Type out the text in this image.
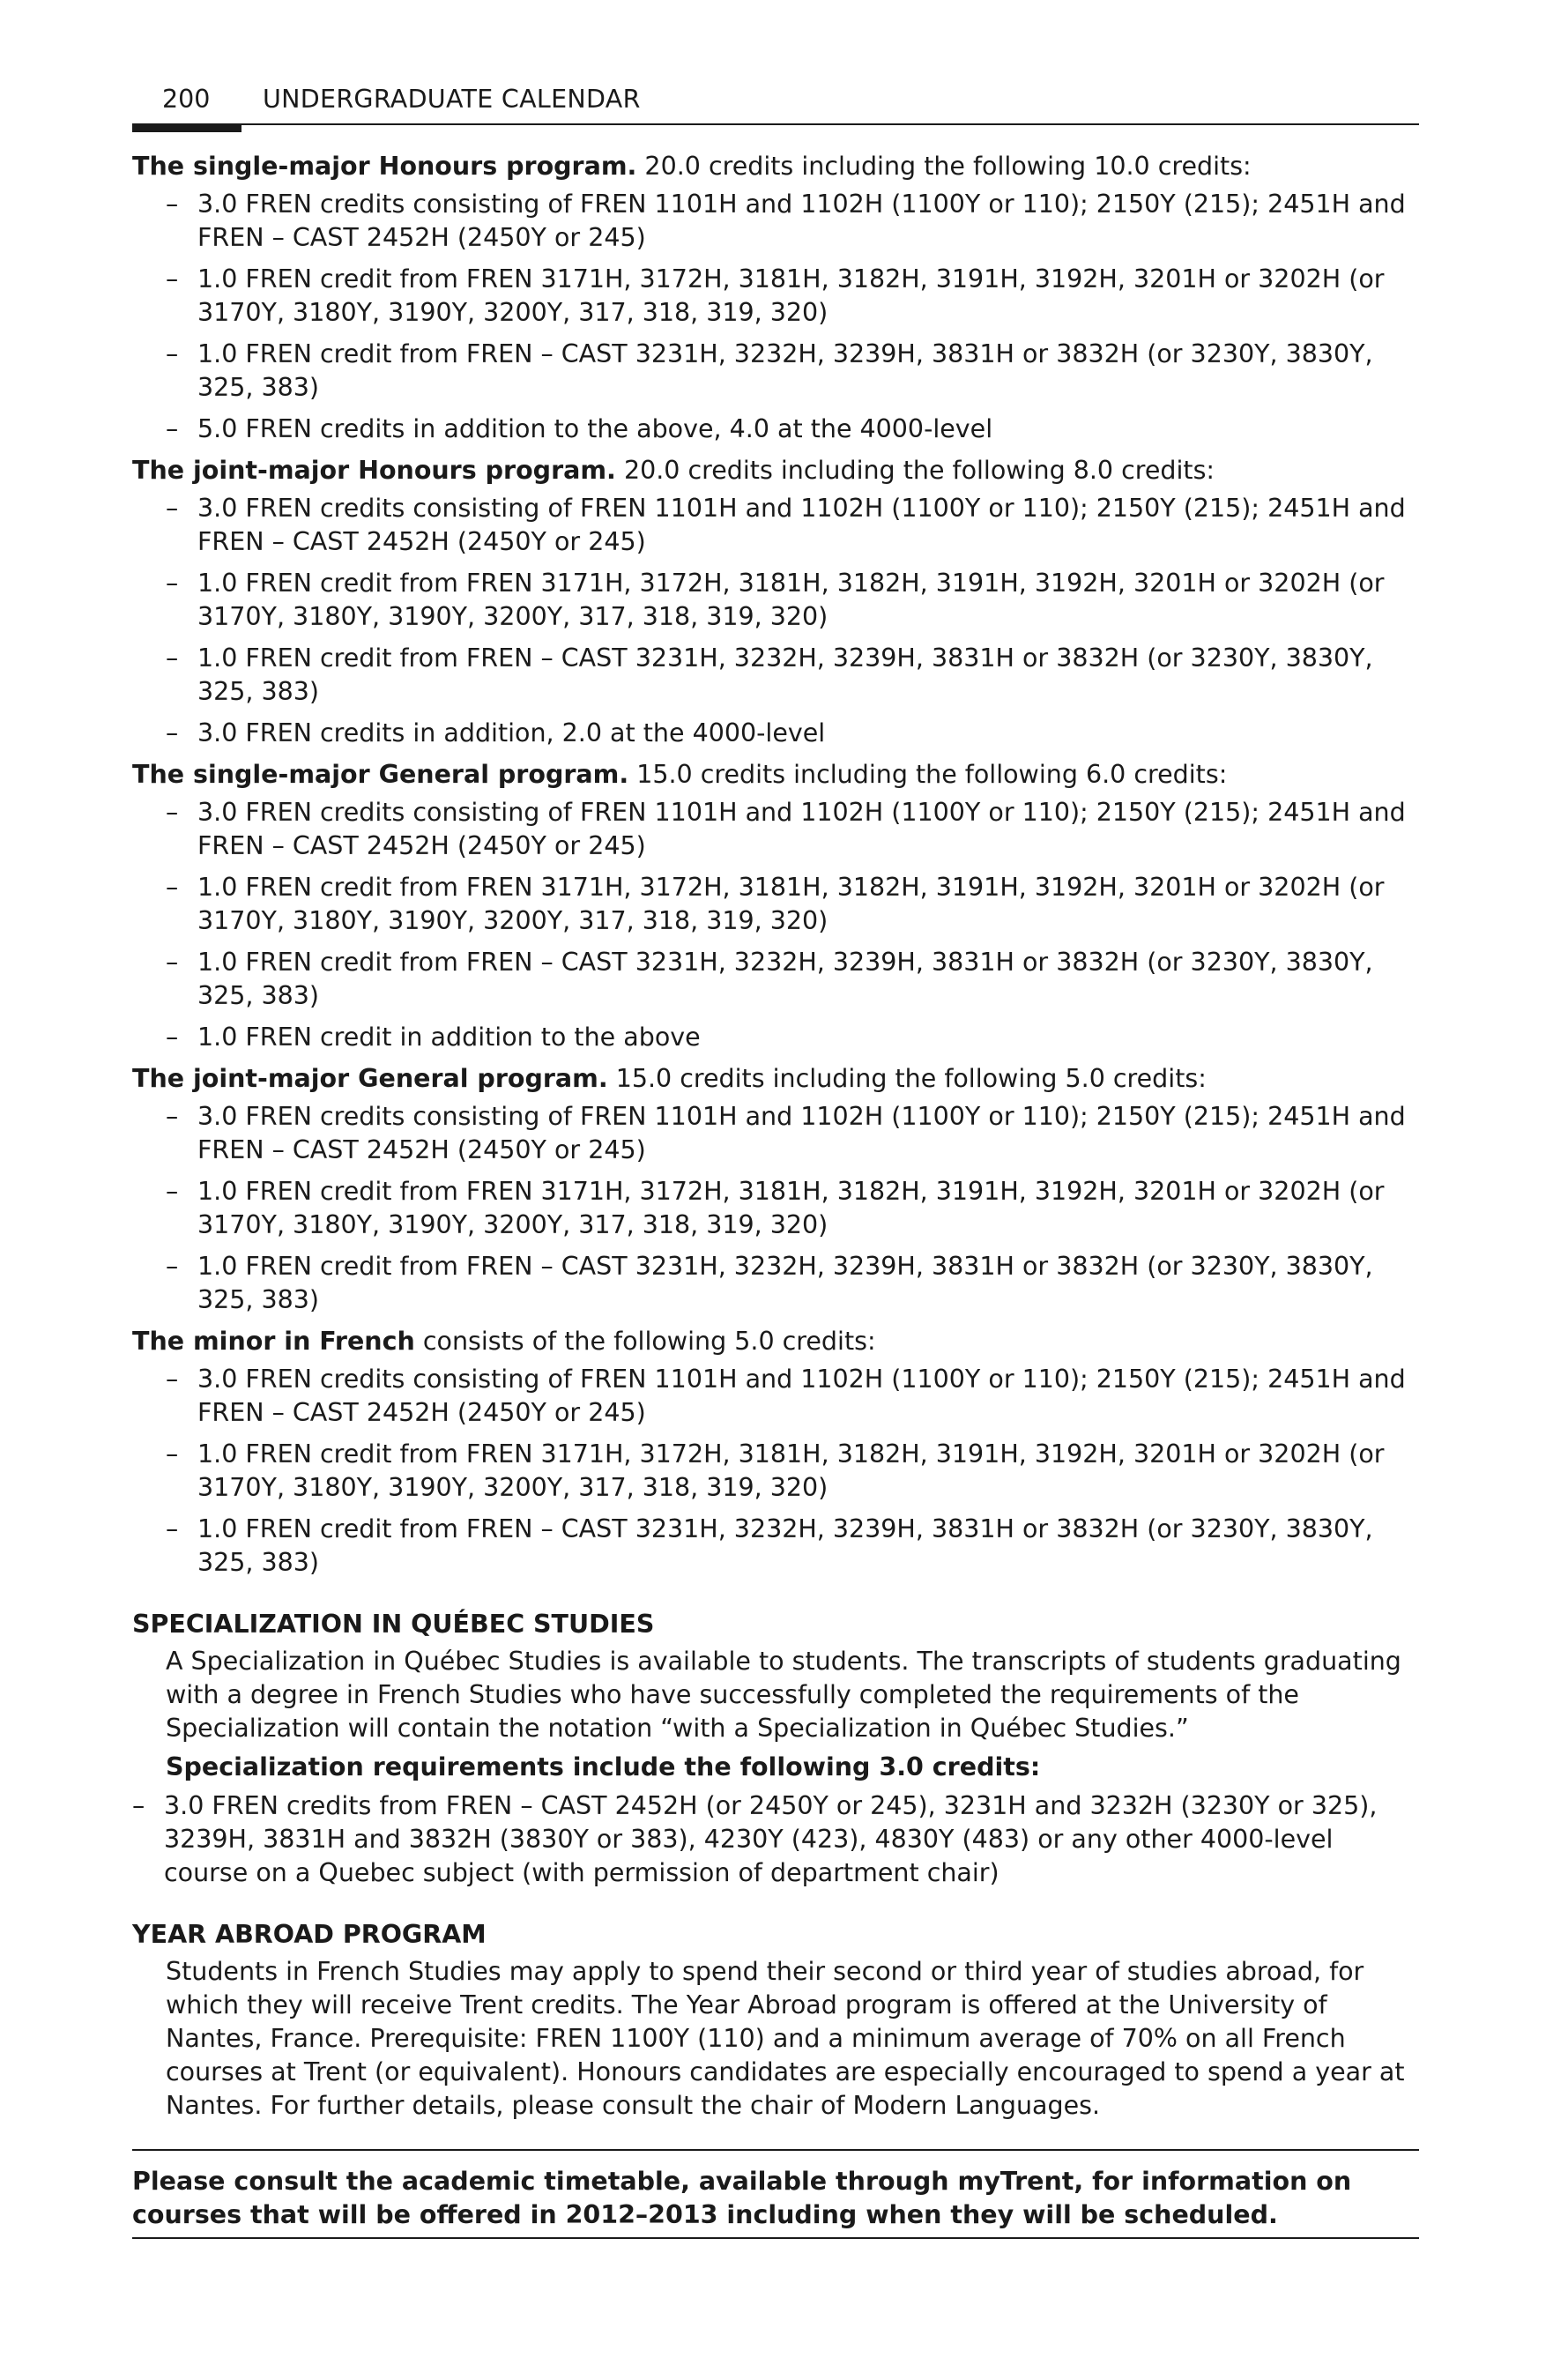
200 UNDERGRADUATE CALENDAR
The single-major Honours program. 20.0 credits including the following 10.0 credits:
– 3.0 FREN credits consisting of FREN 1101H and 1102H (1100Y or 110); 2150Y (215); 2451H and FREN – CAST 2452H (2450Y or 245)
– 1.0 FREN credit from FREN 3171H, 3172H, 3181H, 3182H, 3191H, 3192H, 3201H or 3202H (or 3170Y, 3180Y, 3190Y, 3200Y, 317, 318, 319, 320)
– 1.0 FREN credit from FREN – CAST 3231H, 3232H, 3239H, 3831H or 3832H (or 3230Y, 3830Y, 325, 383)
– 5.0 FREN credits in addition to the above, 4.0 at the 4000-level
The joint-major Honours program. 20.0 credits including the following 8.0 credits:
– 3.0 FREN credits consisting of FREN 1101H and 1102H (1100Y or 110); 2150Y (215); 2451H and FREN – CAST 2452H (2450Y or 245)
– 1.0 FREN credit from FREN 3171H, 3172H, 3181H, 3182H, 3191H, 3192H, 3201H or 3202H (or 3170Y, 3180Y, 3190Y, 3200Y, 317, 318, 319, 320)
– 1.0 FREN credit from FREN – CAST 3231H, 3232H, 3239H, 3831H or 3832H (or 3230Y, 3830Y, 325, 383)
– 3.0 FREN credits in addition, 2.0 at the 4000-level
The single-major General program. 15.0 credits including the following 6.0 credits:
– 3.0 FREN credits consisting of FREN 1101H and 1102H (1100Y or 110); 2150Y (215); 2451H and FREN – CAST 2452H (2450Y or 245)
– 1.0 FREN credit from FREN 3171H, 3172H, 3181H, 3182H, 3191H, 3192H, 3201H or 3202H (or 3170Y, 3180Y, 3190Y, 3200Y, 317, 318, 319, 320)
– 1.0 FREN credit from FREN – CAST 3231H, 3232H, 3239H, 3831H or 3832H (or 3230Y, 3830Y, 325, 383)
– 1.0 FREN credit in addition to the above
The joint-major General program. 15.0 credits including the following 5.0 credits:
– 3.0 FREN credits consisting of FREN 1101H and 1102H (1100Y or 110); 2150Y (215); 2451H and FREN – CAST 2452H (2450Y or 245)
– 1.0 FREN credit from FREN 3171H, 3172H, 3181H, 3182H, 3191H, 3192H, 3201H or 3202H (or 3170Y, 3180Y, 3190Y, 3200Y, 317, 318, 319, 320)
– 1.0 FREN credit from FREN – CAST 3231H, 3232H, 3239H, 3831H or 3832H (or 3230Y, 3830Y, 325, 383)
The minor in French consists of the following 5.0 credits:
– 3.0 FREN credits consisting of FREN 1101H and 1102H (1100Y or 110); 2150Y (215); 2451H and FREN – CAST 2452H (2450Y or 245)
– 1.0 FREN credit from FREN 3171H, 3172H, 3181H, 3182H, 3191H, 3192H, 3201H or 3202H (or 3170Y, 3180Y, 3190Y, 3200Y, 317, 318, 319, 320)
– 1.0 FREN credit from FREN – CAST 3231H, 3232H, 3239H, 3831H or 3832H (or 3230Y, 3830Y, 325, 383)
SPECIALIZATION IN QUÉBEC STUDIES

A Specialization in Québec Studies is available to students. The transcripts of students graduating with a degree in French Studies who have successfully completed the requirements of the Specialization will contain the notation “with a Specialization in Québec Studies.”

Specialization requirements include the following 3.0 credits:

– 3.0 FREN credits from FREN – CAST 2452H (or 2450Y or 245), 3231H and 3232H (3230Y or 325), 3239H, 3831H and 3832H (3830Y or 383), 4230Y (423), 4830Y (483) or any other 4000-level course on a Quebec subject (with permission of department chair)
YEAR ABROAD PROGRAM

Students in French Studies may apply to spend their second or third year of studies abroad, for which they will receive Trent credits. The Year Abroad program is offered at the University of Nantes, France. Prerequisite: FREN 1100Y (110) and a minimum average of 70% on all French courses at Trent (or equivalent). Honours candidates are especially encouraged to spend a year at Nantes. For further details, please consult the chair of Modern Languages.

Please consult the academic timetable, available through myTrent, for information on courses that will be offered in 2012–2013 including when they will be scheduled.
